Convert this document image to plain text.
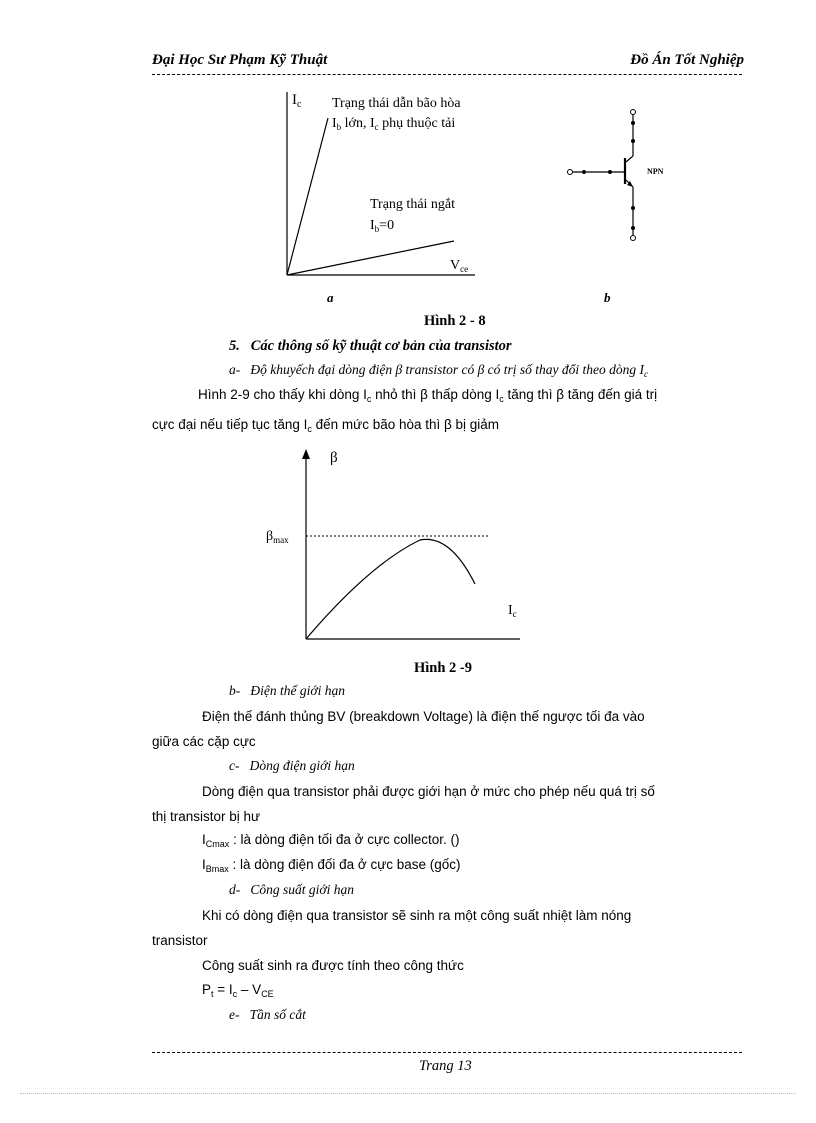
Đại Học Sư Phạm Kỹ Thuật	Đồ Án Tốt Nghiệp
$I_c$ Trạng thái dẫn bão hòa
$I_b$ lớn, $I_c$ phụ thuộc tải
Trạng thái ngắt
$I_b=0$
$V_{ce}$
a
NPN
b
Hình 2 - 8
5. Các thông số kỹ thuật cơ bản của transistor
a- Độ khuyếch đại dòng điện β transistor có β có trị số thay đổi theo dòng $I_c$
Hình 2-9 cho thấy khi dòng $I_c$ nhỏ thì β thấp dòng $I_c$ tăng thì β tăng đến giá trị
cực đại nếu tiếp tục tăng $I_c$ đến mức bão hòa thì β bị giảm
β
$\beta_{max}$
$I_c$
Hình 2 -9
b- Điện thế giới hạn
Điện thế đánh thủng BV (breakdown Voltage) là điện thế ngược tối đa vào
giữa các cặp cực
c- Dòng điện giới hạn
Dòng điện qua transistor phải được giới hạn ở mức cho phép nếu quá trị số
thị transistor bị hư
$I_{Cmax}$ : là dòng điện tối đa ở cực collector. ()
$I_{Bmax}$ : là dòng điện đối đa ở cực base (gốc)
d- Công suất giới hạn
Khi có dòng điện qua transistor sẽ sinh ra một công suất nhiệt làm nóng
transistor
Công suất sinh ra được tính theo công thức
$P_t = I_c - V_{CE}$
e- Tần số cắt
Trang 13
